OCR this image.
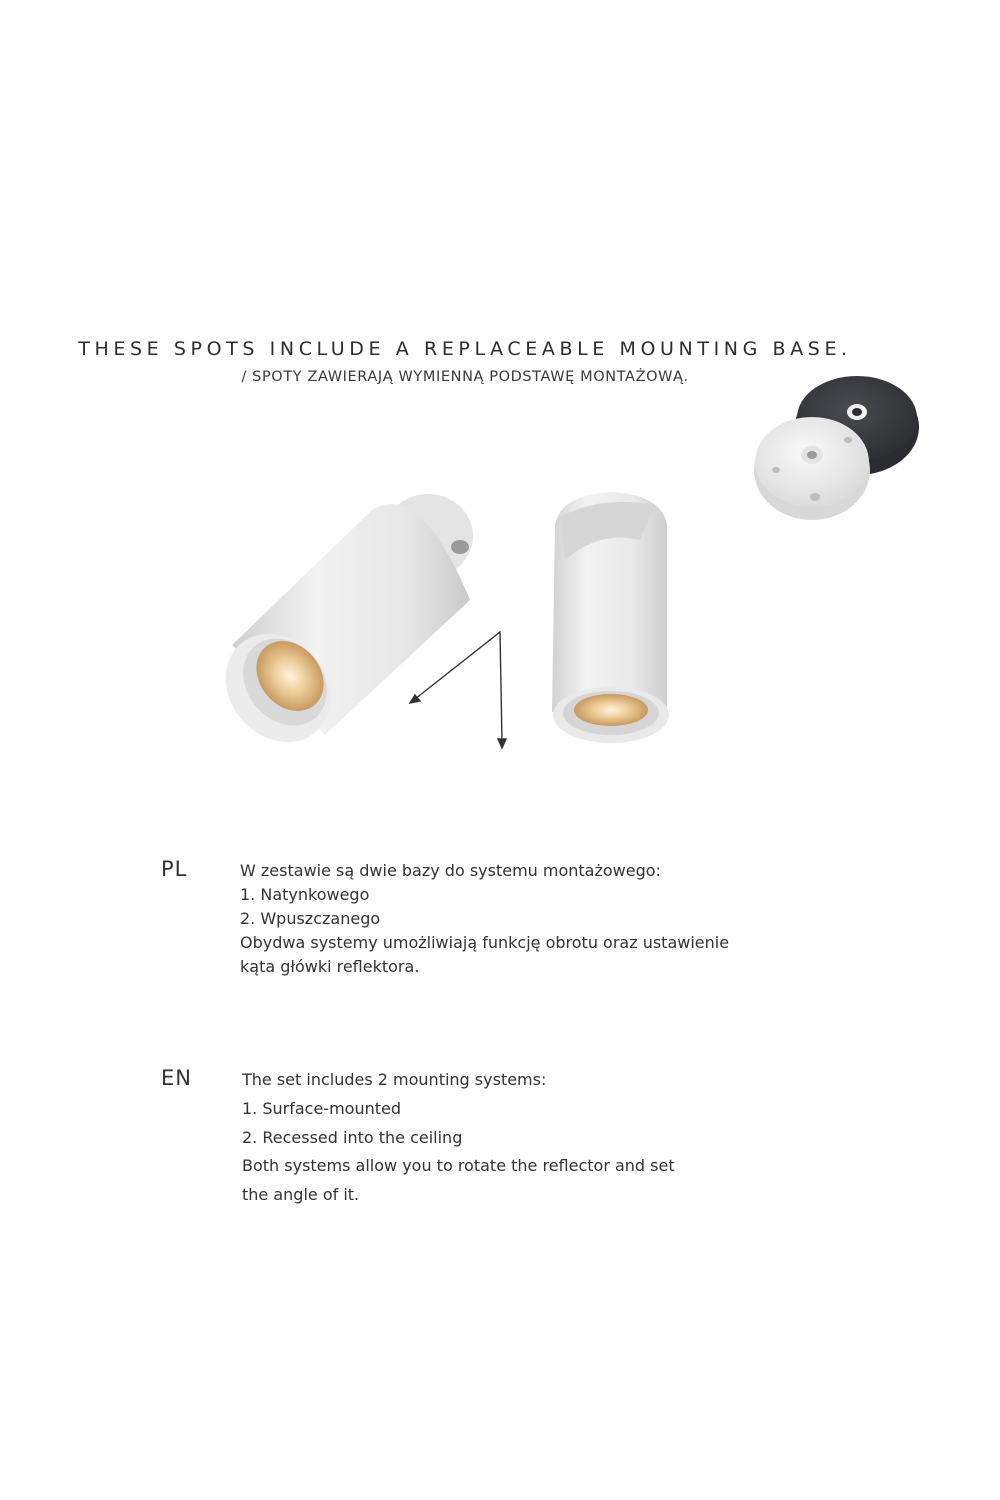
THESE SPOTS INCLUDE A REPLACEABLE MOUNTING BASE.
/ SPOTY ZAWIERAJĄ WYMIENNĄ PODSTAWĘ MONTAŻOWĄ.
PL	W zestawie są dwie bazy do systemu montażowego:
1. Natynkowego
2. Wpuszczanego
Obydwa systemy umożliwiają funkcję obrotu oraz ustawienie
kąta główki reflektora.
EN	The set includes 2 mounting systems:
1. Surface-mounted
2. Recessed into the ceiling
Both systems allow you to rotate the reflector and set
the angle of it.
